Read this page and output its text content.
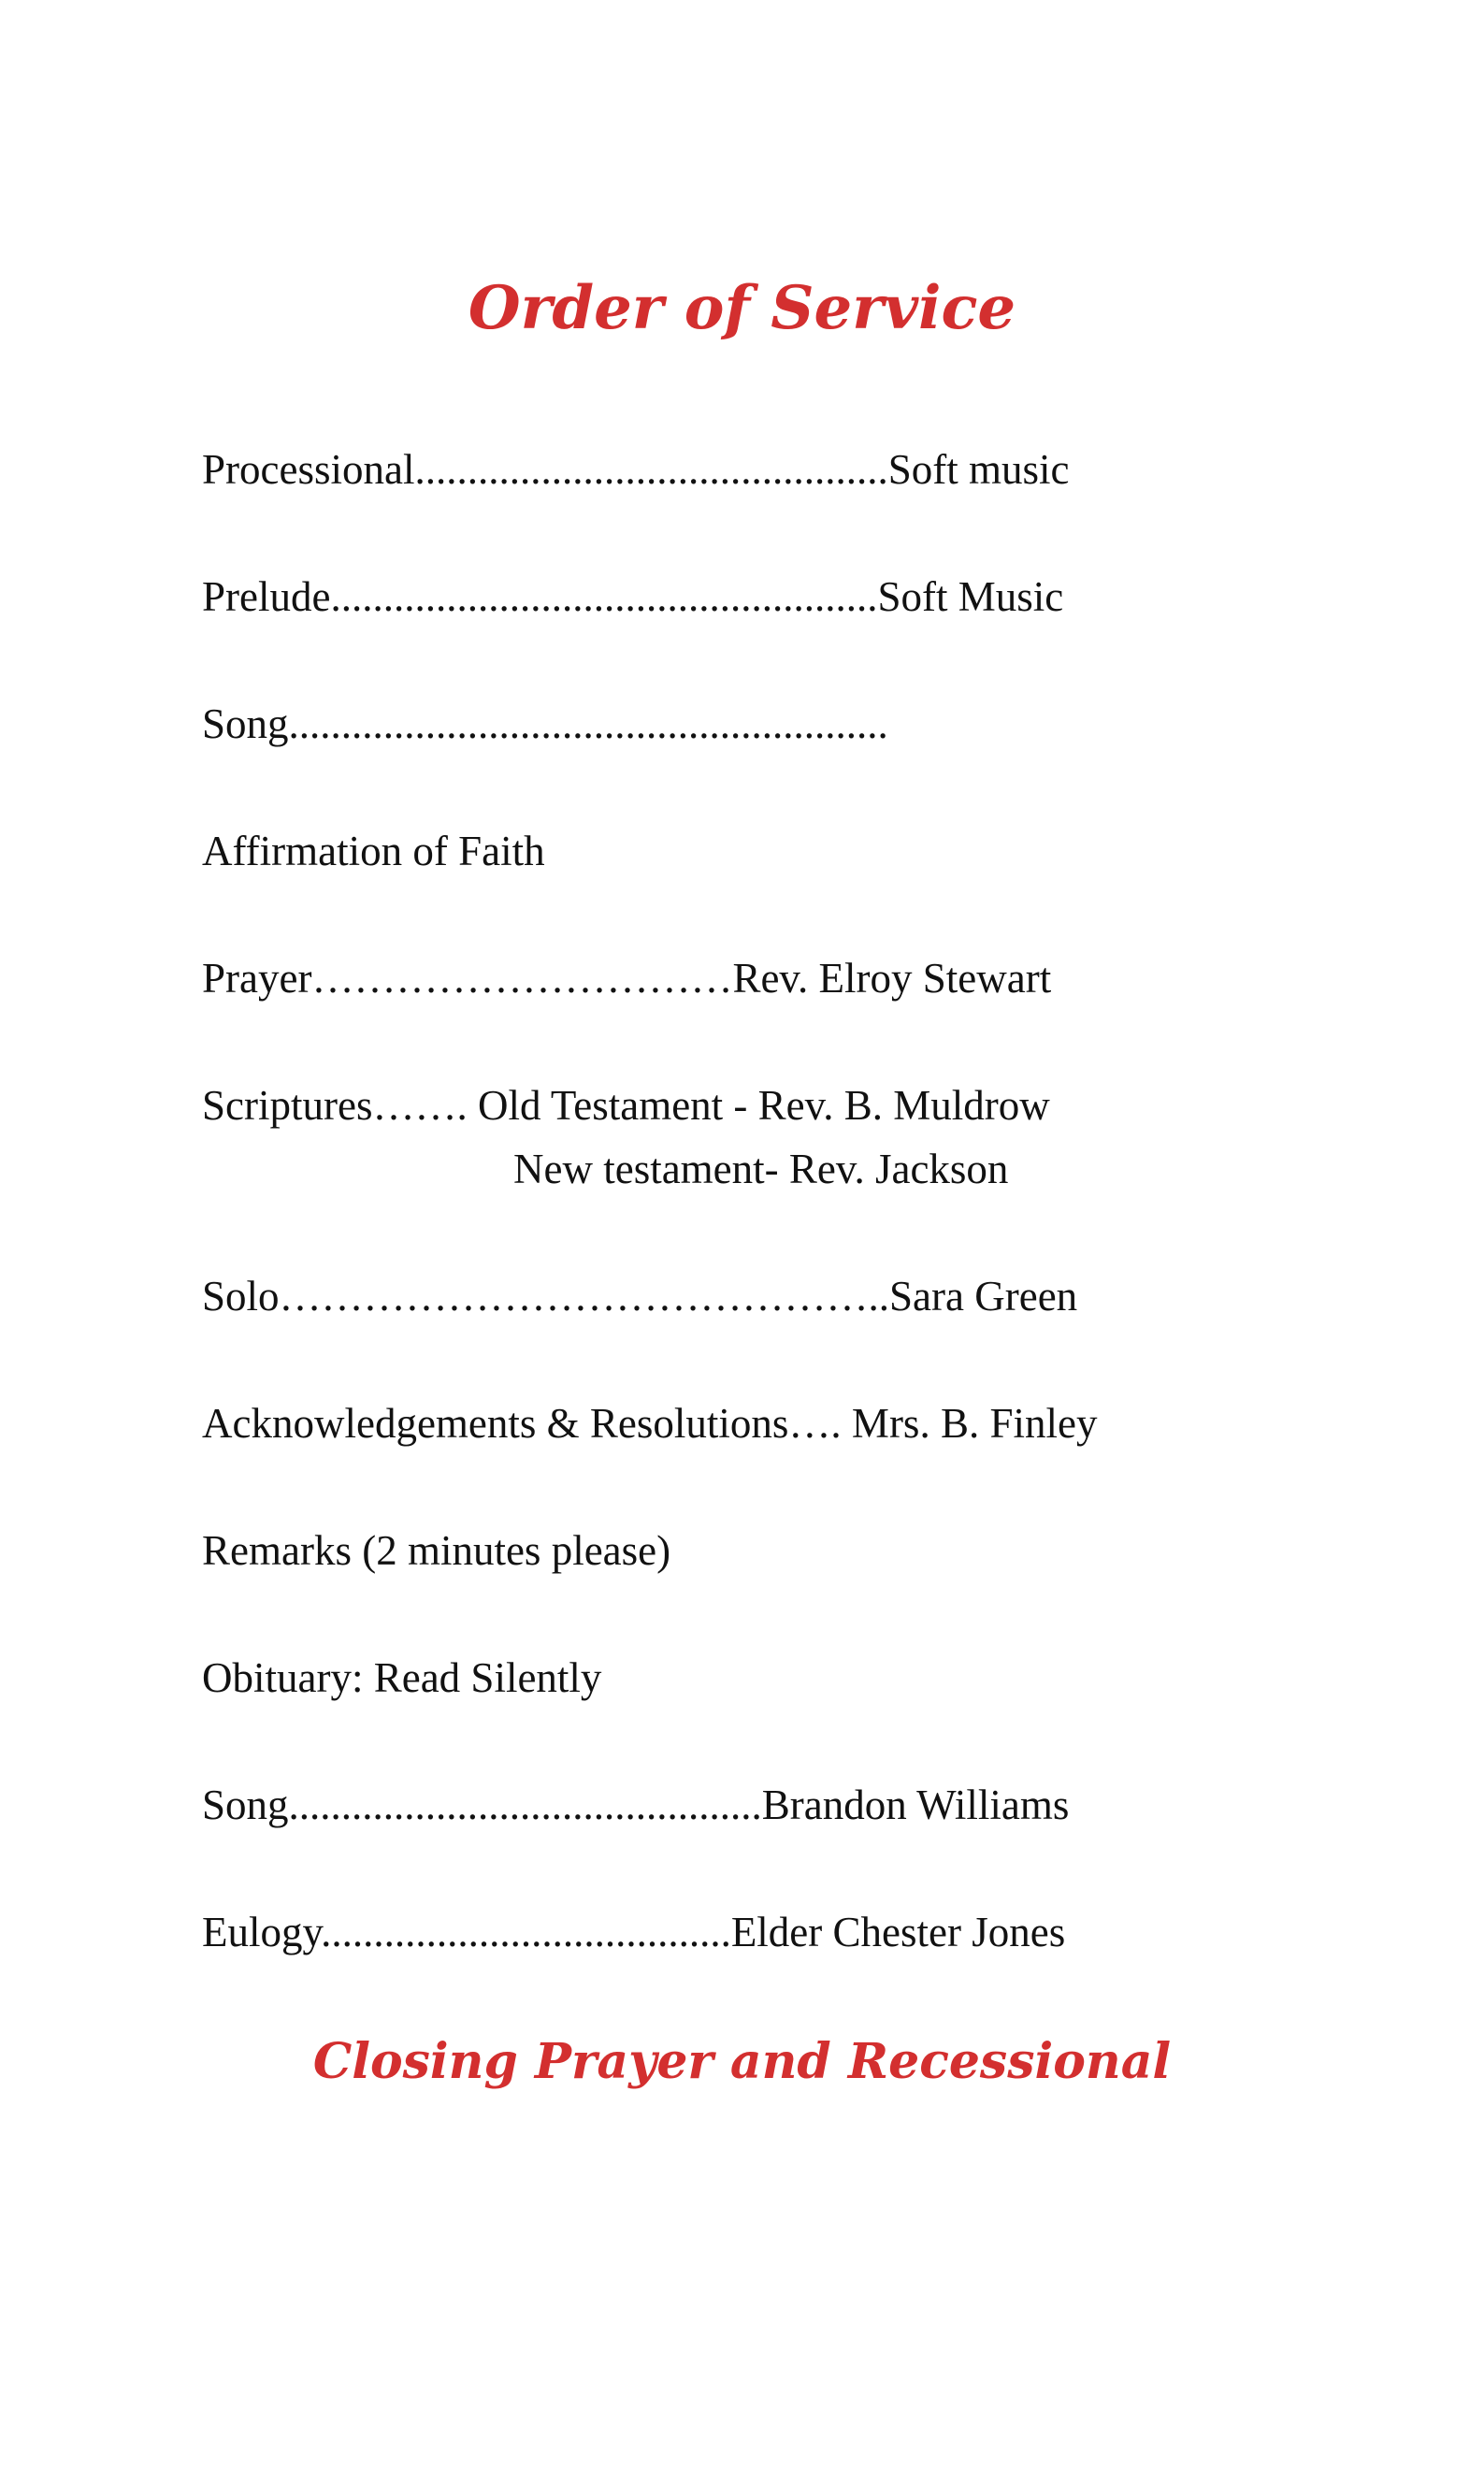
Order of Service
Processional.............................................Soft music
Prelude....................................................Soft Music
Song.........................................................
Affirmation of Faith
Prayer…………………………Rev. Elroy Stewart
Scriptures……. Old Testament - Rev. B. Muldrow
New testament- Rev. Jackson
Solo……………………………………..Sara Green
Acknowledgements & Resolutions…. Mrs. B. Finley
Remarks (2 minutes please)
Obituary: Read Silently
Song.............................................Brandon Williams
Eulogy.......................................Elder Chester Jones
Closing Prayer and Recessional
